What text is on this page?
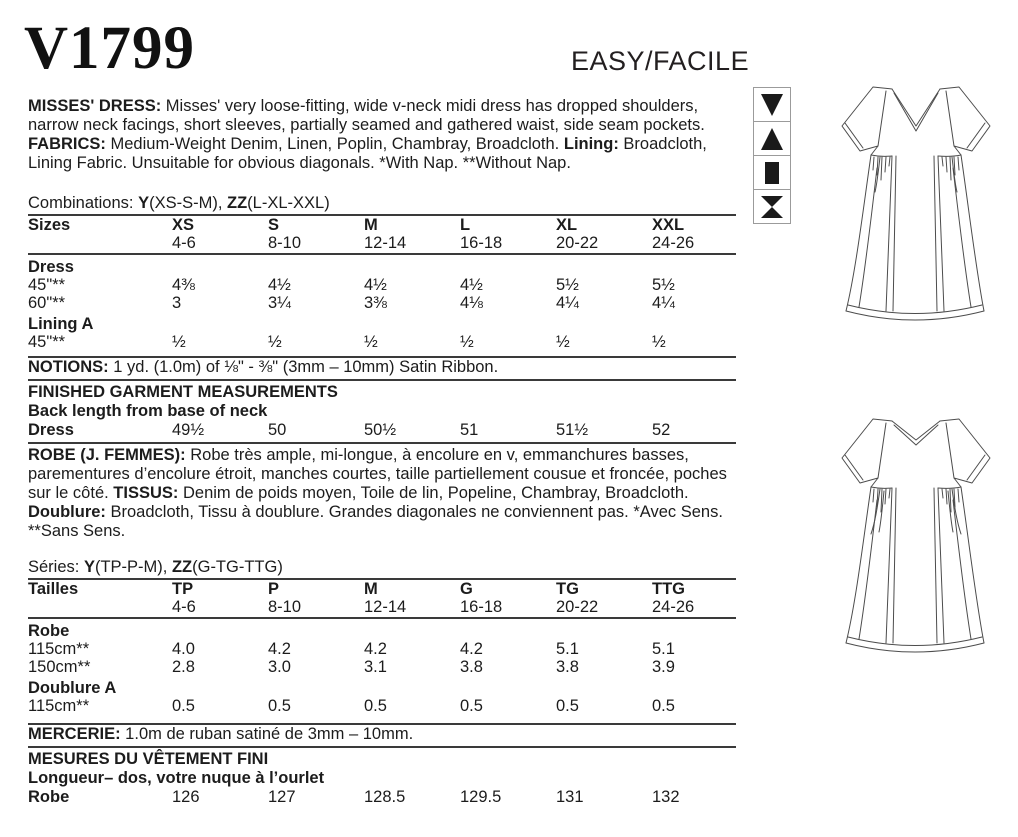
V1799	EASY/FACILE

MISSES' DRESS: Misses' very loose-fitting, wide v-neck midi dress has dropped shoulders, narrow neck facings, short sleeves, partially seamed and gathered waist, side seam pockets. FABRICS: Medium-Weight Denim, Linen, Poplin, Chambray, Broadcloth. Lining: Broadcloth, Lining Fabric. Unsuitable for obvious diagonals. *With Nap. **Without Nap.

Combinations: Y(XS-S-M), ZZ(L-XL-XXL)

Sizes	XS	S	M	L	XL	XXL
4-6	8-10	12-14	16-18	20-22	24-26
Dress
45"**	4⅜	4½	4½	4½	5½	5½
60"**	3	3¼	3⅜	4⅛	4¼	4¼
Lining A
45"**	½	½	½	½	½	½

NOTIONS: 1 yd. (1.0m) of ⅛" - ⅜" (3mm – 10mm) Satin Ribbon.

FINISHED GARMENT MEASUREMENTS

Back length from base of neck

Dress	49½	50	50½	51	51½	52

ROBE (J. FEMMES): Robe très ample, mi-longue, à encolure en v, emmanchures basses, parementures d’encolure étroit, manches courtes, taille partiellement cousue et froncée, poches sur le côté. TISSUS: Denim de poids moyen, Toile de lin, Popeline, Chambray, Broadcloth. Doublure: Broadcloth, Tissu à doublure. Grandes diagonales ne conviennent pas. *Avec Sens. **Sans Sens.

Séries: Y(TP-P-M), ZZ(G-TG-TTG)

Tailles	TP	P	M	G	TG	TTG
4-6	8-10	12-14	16-18	20-22	24-26
Robe
115cm**	4.0	4.2	4.2	4.2	5.1	5.1
150cm**	2.8	3.0	3.1	3.8	3.8	3.9
Doublure A
115cm**	0.5	0.5	0.5	0.5	0.5	0.5

MERCERIE: 1.0m de ruban satiné de 3mm – 10mm.

MESURES DU VÊTEMENT FINI

Longueur– dos, votre nuque à l’ourlet

Robe	126	127	128.5	129.5	131	132
